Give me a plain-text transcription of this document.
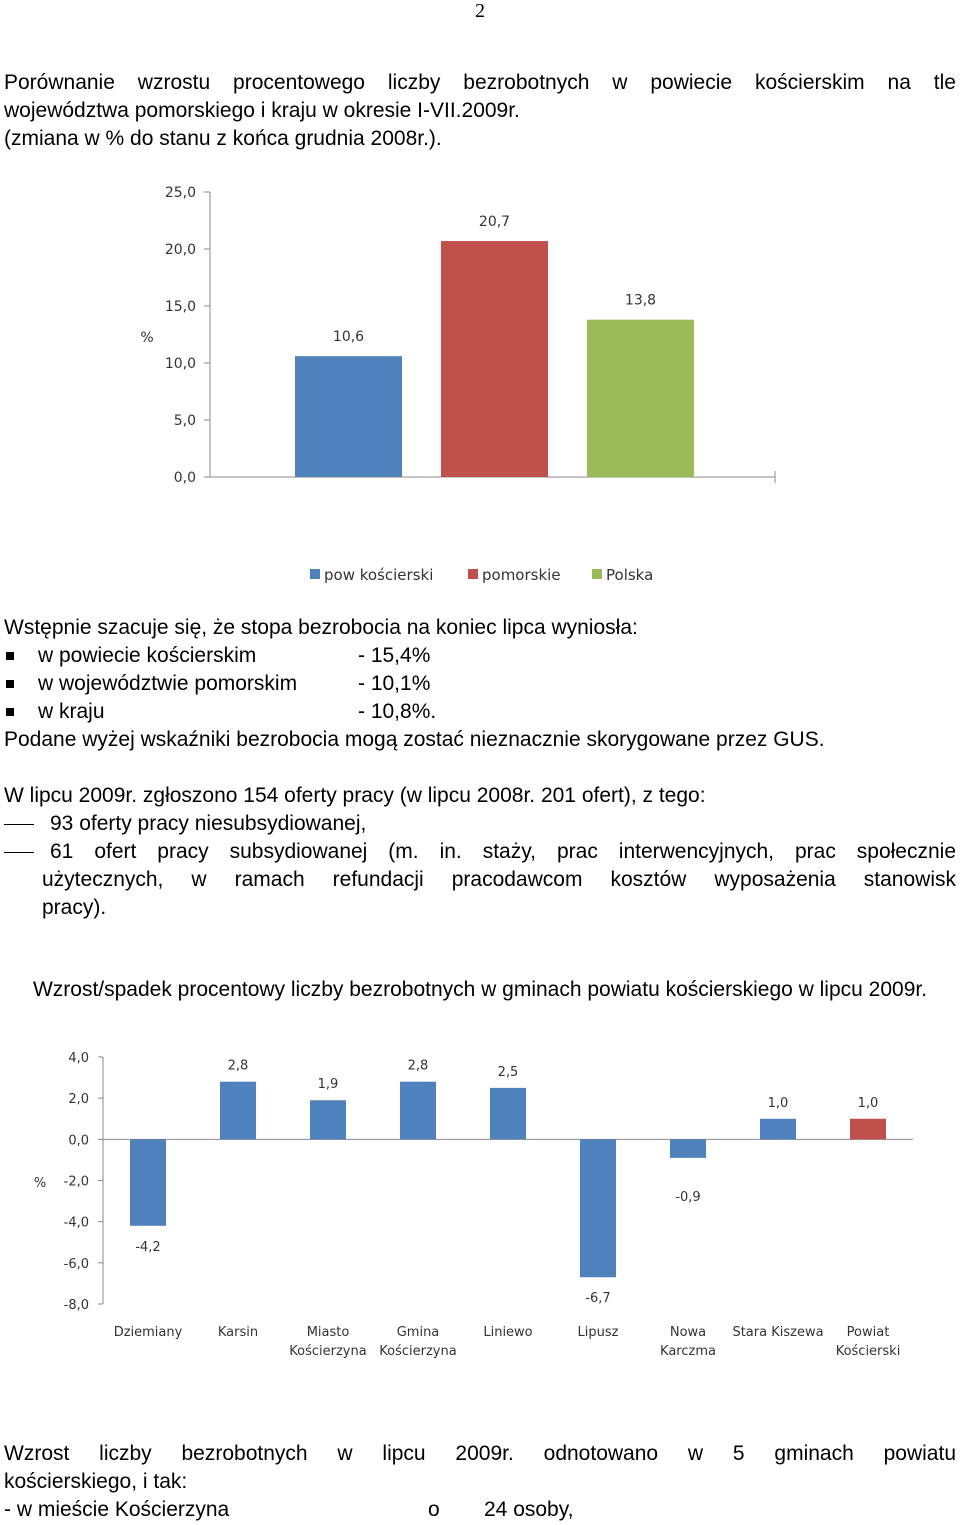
2
Porównanie wzrostu procentowego liczby bezrobotnych w powiecie kościerskim na tle
województwa pomorskiego i kraju w okresie I-VII.2009r.
(zmiana w % do stanu z końca grudnia 2008r.).
0,0
5,0
10,0
15,0
20,0
25,0
%	10,6
20,7
13,8
pow kościerski	pomorskie	Polska
Wstępnie szacuje się, że stopa bezrobocia na koniec lipca wyniosła:
w powiecie kościerskim	- 15,4%
w województwie pomorskim	- 10,1%
w kraju	- 10,8%.
Podane wyżej wskaźniki bezrobocia mogą zostać nieznacznie skorygowane przez GUS.
W lipcu 2009r. zgłoszono 154 oferty pracy (w lipcu 2008r. 201 ofert), z tego:
93 oferty pracy niesubsydiowanej,
61 ofert pracy subsydiowanej (m. in. staży, prac interwencyjnych, prac społecznie
użytecznych, w ramach refundacji pracodawcom kosztów wyposażenia stanowisk
pracy).
Wzrost/spadek procentowy liczby bezrobotnych w gminach powiatu kościerskiego w lipcu 2009r.
-8,0
-6,0
-4,0
-2,0
0,0
2,0
4,0
%
-4,2
Dziemiany
2,8
Karsin
1,9
Miasto
Kościerzyna
2,8
Gmina
Kościerzyna
2,5
Liniewo
-6,7
Lipusz
-0,9
Nowa
Karczma
1,0
Stara Kiszewa
1,0
Powiat
Kościerski
Wzrost liczby bezrobotnych w lipcu 2009r. odnotowano w 5 gminach powiatu
kościerskiego, i tak:
- w mieście Kościerzyna	o 24 osoby,
